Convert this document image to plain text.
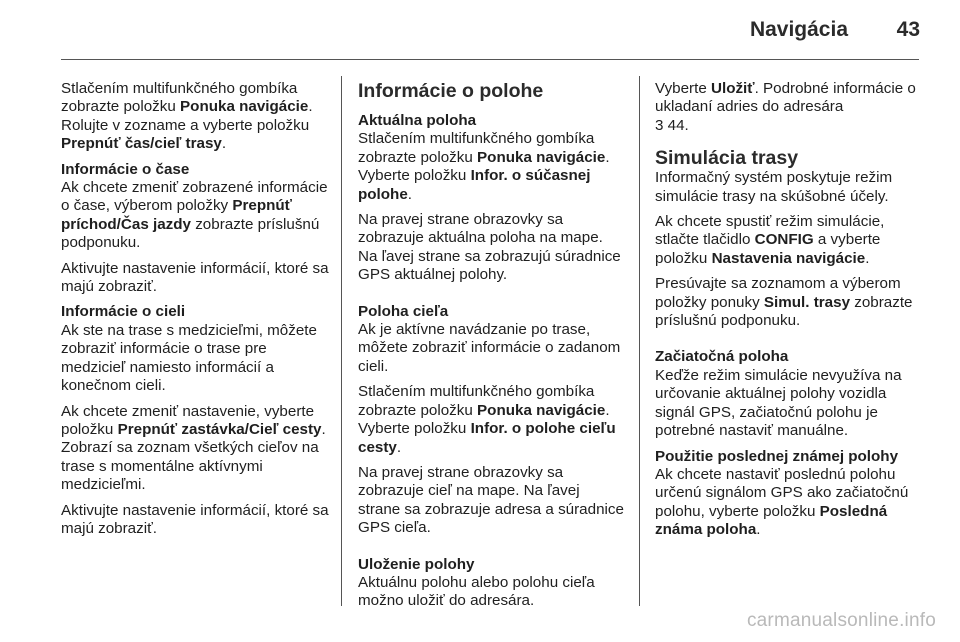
Navigácia	43

Stlačením multifunkčného gombíka zobrazte položku Ponuka navigácie. Rolujte v zozname a vyberte položku Prepnúť čas/cieľ trasy.

Informácie o čase

Ak chcete zmeniť zobrazené informácie o čase, výberom položky Prepnúť príchod/Čas jazdy zobrazte príslušnú podponuku.

Aktivujte nastavenie informácií, ktoré sa majú zobraziť.

Informácie o cieli

Ak ste na trase s medzicieľmi, môžete zobraziť informácie o trase pre medzicieľ namiesto informácií a konečnom cieli.

Ak chcete zmeniť nastavenie, vyberte položku Prepnúť zastávka/Cieľ cesty. Zobrazí sa zoznam všetkých cieľov na trase s momentálne aktívnymi medzicieľmi.

Aktivujte nastavenie informácií, ktoré sa majú zobraziť.

Informácie o polohe
Aktuálna poloha

Stlačením multifunkčného gombíka zobrazte položku Ponuka navigácie. Vyberte položku Infor. o súčasnej polohe.

Na pravej strane obrazovky sa zobrazuje aktuálna poloha na mape. Na ľavej strane sa zobrazujú súradnice GPS aktuálnej polohy.

Poloha cieľa

Ak je aktívne navádzanie po trase, môžete zobraziť informácie o zadanom cieli.

Stlačením multifunkčného gombíka zobrazte položku Ponuka navigácie. Vyberte položku Infor. o polohe cieľu cesty.

Na pravej strane obrazovky sa zobrazuje cieľ na mape. Na ľavej strane sa zobrazuje adresa a súradnice GPS cieľa.

Uloženie polohy

Aktuálnu polohu alebo polohu cieľa možno uložiť do adresára.

Vyberte Uložiť. Podrobné informácie o ukladaní adries do adresára
3 44.

Simulácia trasy

Informačný systém poskytuje režim simulácie trasy na skúšobné účely.

Ak chcete spustiť režim simulácie, stlačte tlačidlo CONFIG a vyberte položku Nastavenia navigácie.

Presúvajte sa zoznamom a výberom položky ponuky Simul. trasy zobrazte príslušnú podponuku.

Začiatočná poloha

Keďže režim simulácie nevyužíva na určovanie aktuálnej polohy vozidla signál GPS, začiatočnú polohu je potrebné nastaviť manuálne.

Použitie poslednej známej polohy

Ak chcete nastaviť poslednú polohu určenú signálom GPS ako začiatočnú polohu, vyberte položku Posledná známa poloha.

carmanualsonline.info
